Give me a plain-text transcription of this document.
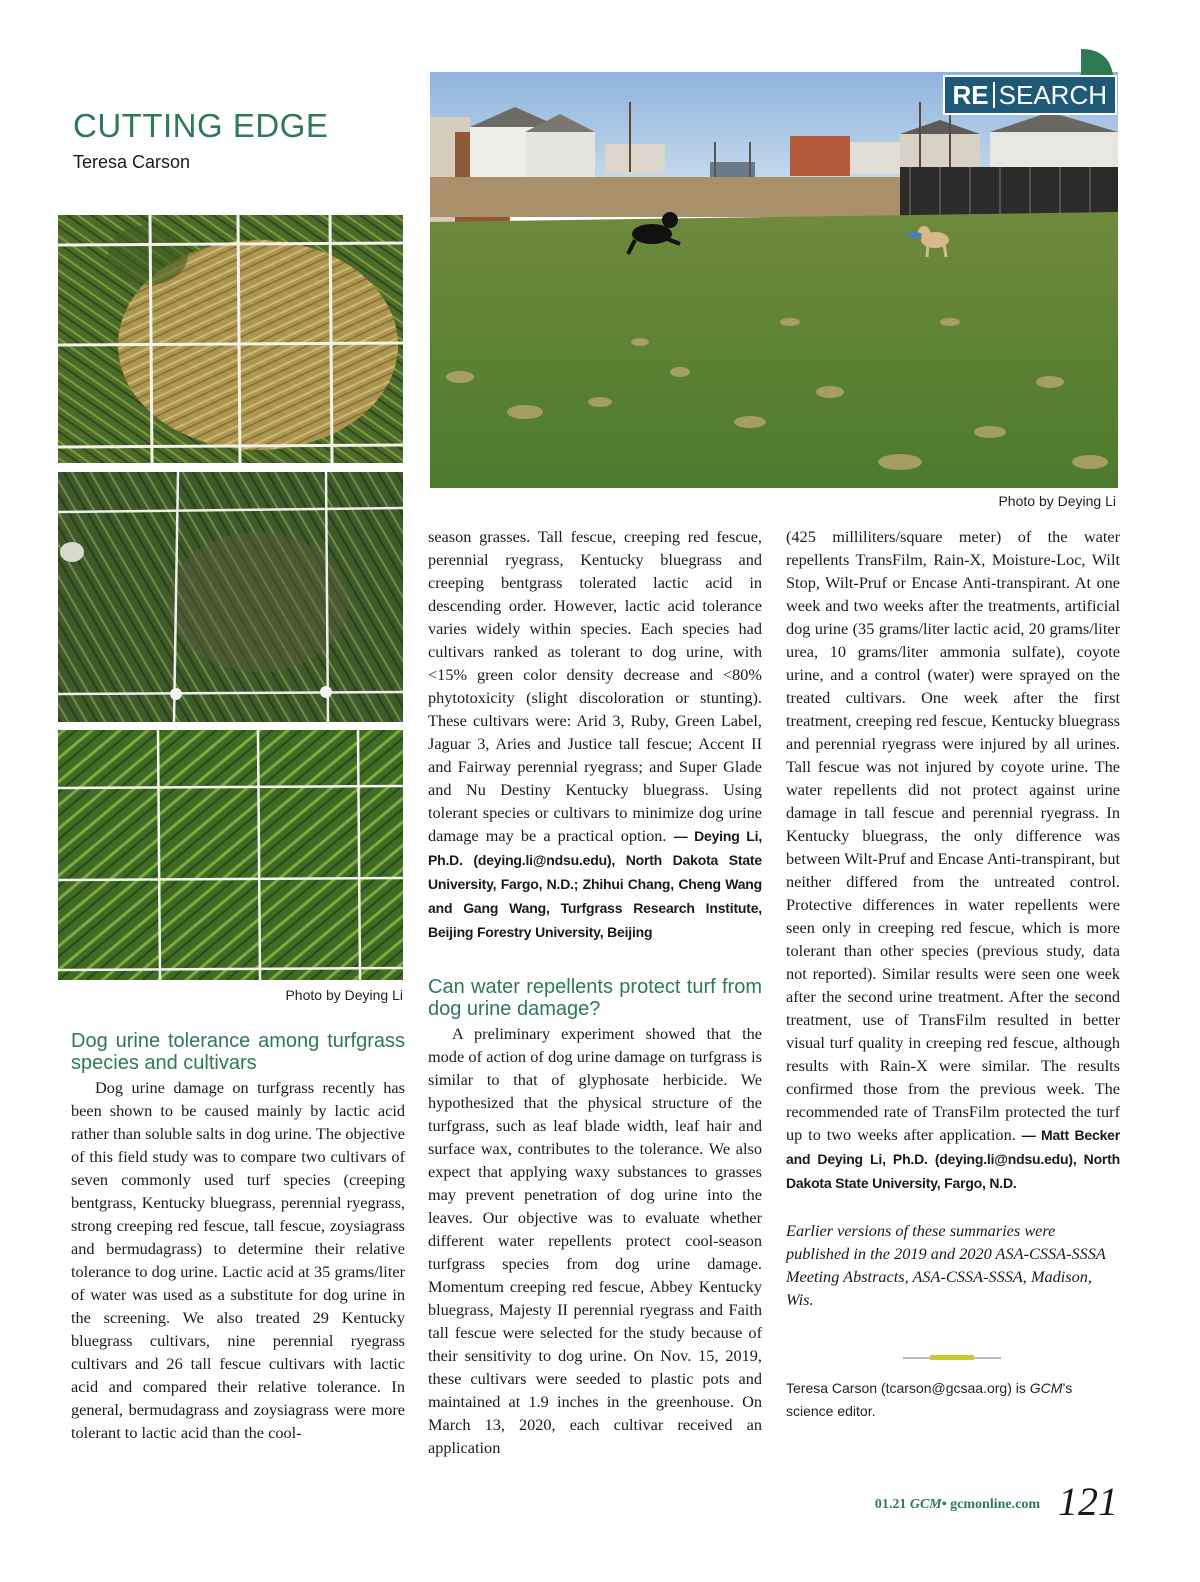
CUTTING EDGE
Teresa Carson
Photo by Deying Li
RE SEARCH
Photo by Deying Li
Dog urine tolerance among turfgrass species and cultivars

Dog urine damage on turfgrass recently has been shown to be caused mainly by lactic acid rather than soluble salts in dog urine. The objective of this field study was to compare two cultivars of seven commonly used turf species (creeping bentgrass, Kentucky bluegrass, perennial ryegrass, strong creeping red fescue, tall fescue, zoysiagrass and bermudagrass) to determine their relative tolerance to dog urine. Lactic acid at 35 grams/liter of water was used as a substitute for dog urine in the screening. We also treated 29 Kentucky bluegrass cultivars, nine perennial ryegrass cultivars and 26 tall fescue cultivars with lactic acid and compared their relative tolerance. In general, bermudagrass and zoysiagrass were more tolerant to lactic acid than the cool-

season grasses. Tall fescue, creeping red fescue, perennial ryegrass, Kentucky bluegrass and creeping bentgrass tolerated lactic acid in descending order. However, lactic acid tolerance varies widely within species. Each species had cultivars ranked as tolerant to dog urine, with <15% green color density decrease and <80% phytotoxicity (slight discoloration or stunting). These cultivars were: Arid 3, Ruby, Green Label, Jaguar 3, Aries and Justice tall fescue; Accent II and Fairway perennial ryegrass; and Super Glade and Nu Destiny Kentucky bluegrass. Using tolerant species or cultivars to minimize dog urine damage may be a practical option. — Deying Li, Ph.D. (deying.li@ndsu.edu), North Dakota State University, Fargo, N.D.; Zhihui Chang, Cheng Wang and Gang Wang, Turfgrass Research Institute, Beijing Forestry University, Beijing

Can water repellents protect turf from dog urine damage?

A preliminary experiment showed that the mode of action of dog urine damage on turfgrass is similar to that of glyphosate herbicide. We hypothesized that the physical structure of the turfgrass, such as leaf blade width, leaf hair and surface wax, contributes to the tolerance. We also expect that applying waxy substances to grasses may prevent penetration of dog urine into the leaves. Our objective was to evaluate whether different water repellents protect cool-season turfgrass species from dog urine damage. Momentum creeping red fescue, Abbey Kentucky bluegrass, Majesty II perennial ryegrass and Faith tall fescue were selected for the study because of their sensitivity to dog urine. On Nov. 15, 2019, these cultivars were seeded to plastic pots and maintained at 1.9 inches in the greenhouse. On March 13, 2020, each cultivar received an application

(425 milliliters/square meter) of the water repellents TransFilm, Rain-X, Moisture-Loc, Wilt Stop, Wilt-Pruf or Encase Anti-transpirant. At one week and two weeks after the treatments, artificial dog urine (35 grams/liter lactic acid, 20 grams/liter urea, 10 grams/liter ammonia sulfate), coyote urine, and a control (water) were sprayed on the treated cultivars. One week after the first treatment, creeping red fescue, Kentucky bluegrass and perennial ryegrass were injured by all urines. Tall fescue was not injured by coyote urine. The water repellents did not protect against urine damage in tall fescue and perennial ryegrass. In Kentucky bluegrass, the only difference was between Wilt-Pruf and Encase Anti-transpirant, but neither differed from the untreated control. Protective differences in water repellents were seen only in creeping red fescue, which is more tolerant than other species (previous study, data not reported). Similar results were seen one week after the second urine treatment. After the second treatment, use of TransFilm resulted in better visual turf quality in creeping red fescue, although results with Rain-X were similar. The results confirmed those from the previous week. The recommended rate of TransFilm protected the turf up to two weeks after application. — Matt Becker and Deying Li, Ph.D. (deying.li@ndsu.edu), North Dakota State University, Fargo, N.D.

Earlier versions of these summaries were published in the 2019 and 2020 ASA-CSSA-SSSA Meeting Abstracts, ASA-CSSA-SSSA, Madison, Wis.

Teresa Carson (tcarson@gcsaa.org) is GCM’s science editor.
01.21 GCM• gcmonline.com 121
